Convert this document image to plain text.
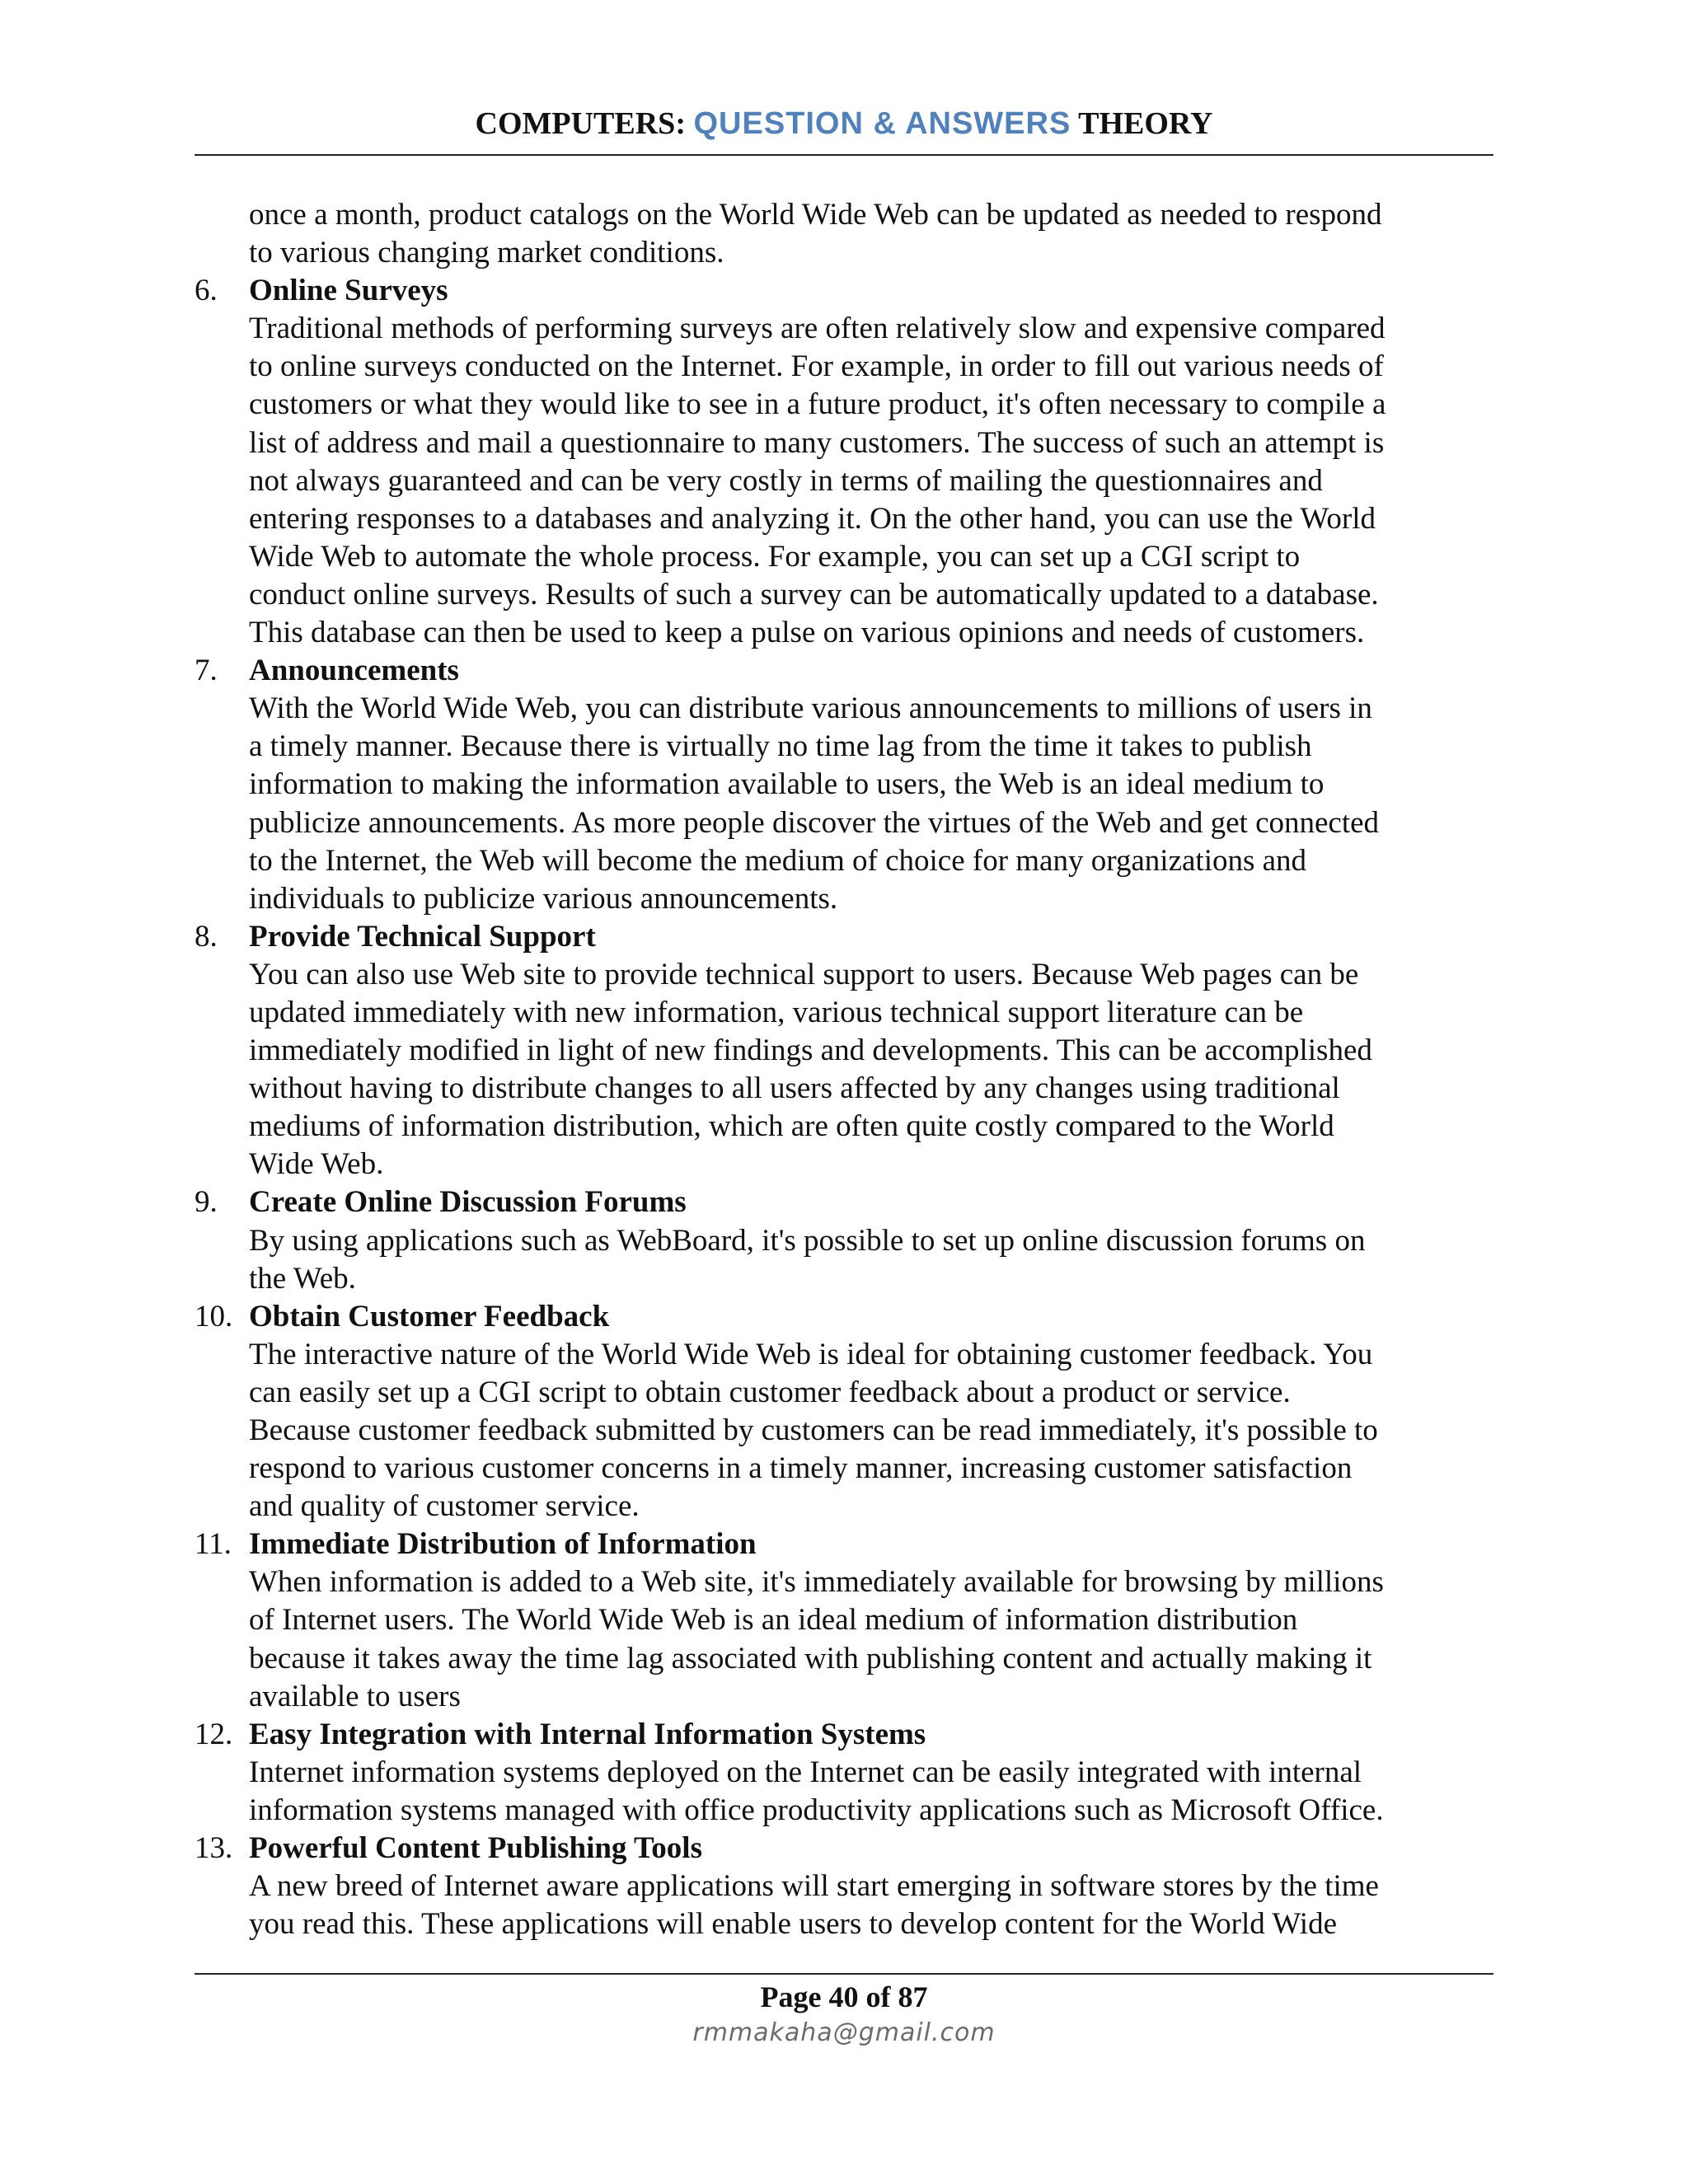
COMPUTERS: QUESTION & ANSWERS THEORY
once a month, product catalogs on the World Wide Web can be updated as needed to respond
to various changing market conditions.
6. Online Surveys
Traditional methods of performing surveys are often relatively slow and expensive compared
to online surveys conducted on the Internet. For example, in order to fill out various needs of
customers or what they would like to see in a future product, it's often necessary to compile a
list of address and mail a questionnaire to many customers. The success of such an attempt is
not always guaranteed and can be very costly in terms of mailing the questionnaires and
entering responses to a databases and analyzing it. On the other hand, you can use the World
Wide Web to automate the whole process. For example, you can set up a CGI script to
conduct online surveys. Results of such a survey can be automatically updated to a database.
This database can then be used to keep a pulse on various opinions and needs of customers.
7. Announcements
With the World Wide Web, you can distribute various announcements to millions of users in
a timely manner. Because there is virtually no time lag from the time it takes to publish
information to making the information available to users, the Web is an ideal medium to
publicize announcements. As more people discover the virtues of the Web and get connected
to the Internet, the Web will become the medium of choice for many organizations and
individuals to publicize various announcements.
8. Provide Technical Support
You can also use Web site to provide technical support to users. Because Web pages can be
updated immediately with new information, various technical support literature can be
immediately modified in light of new findings and developments. This can be accomplished
without having to distribute changes to all users affected by any changes using traditional
mediums of information distribution, which are often quite costly compared to the World
Wide Web.
9. Create Online Discussion Forums
By using applications such as WebBoard, it's possible to set up online discussion forums on
the Web.
10. Obtain Customer Feedback
The interactive nature of the World Wide Web is ideal for obtaining customer feedback. You
can easily set up a CGI script to obtain customer feedback about a product or service.
Because customer feedback submitted by customers can be read immediately, it's possible to
respond to various customer concerns in a timely manner, increasing customer satisfaction
and quality of customer service.
11. Immediate Distribution of Information
When information is added to a Web site, it's immediately available for browsing by millions
of Internet users. The World Wide Web is an ideal medium of information distribution
because it takes away the time lag associated with publishing content and actually making it
available to users
12. Easy Integration with Internal Information Systems
Internet information systems deployed on the Internet can be easily integrated with internal
information systems managed with office productivity applications such as Microsoft Office.
13. Powerful Content Publishing Tools
A new breed of Internet aware applications will start emerging in software stores by the time
you read this. These applications will enable users to develop content for the World Wide
Page 40 of 87
rmmakaha@gmail.com
